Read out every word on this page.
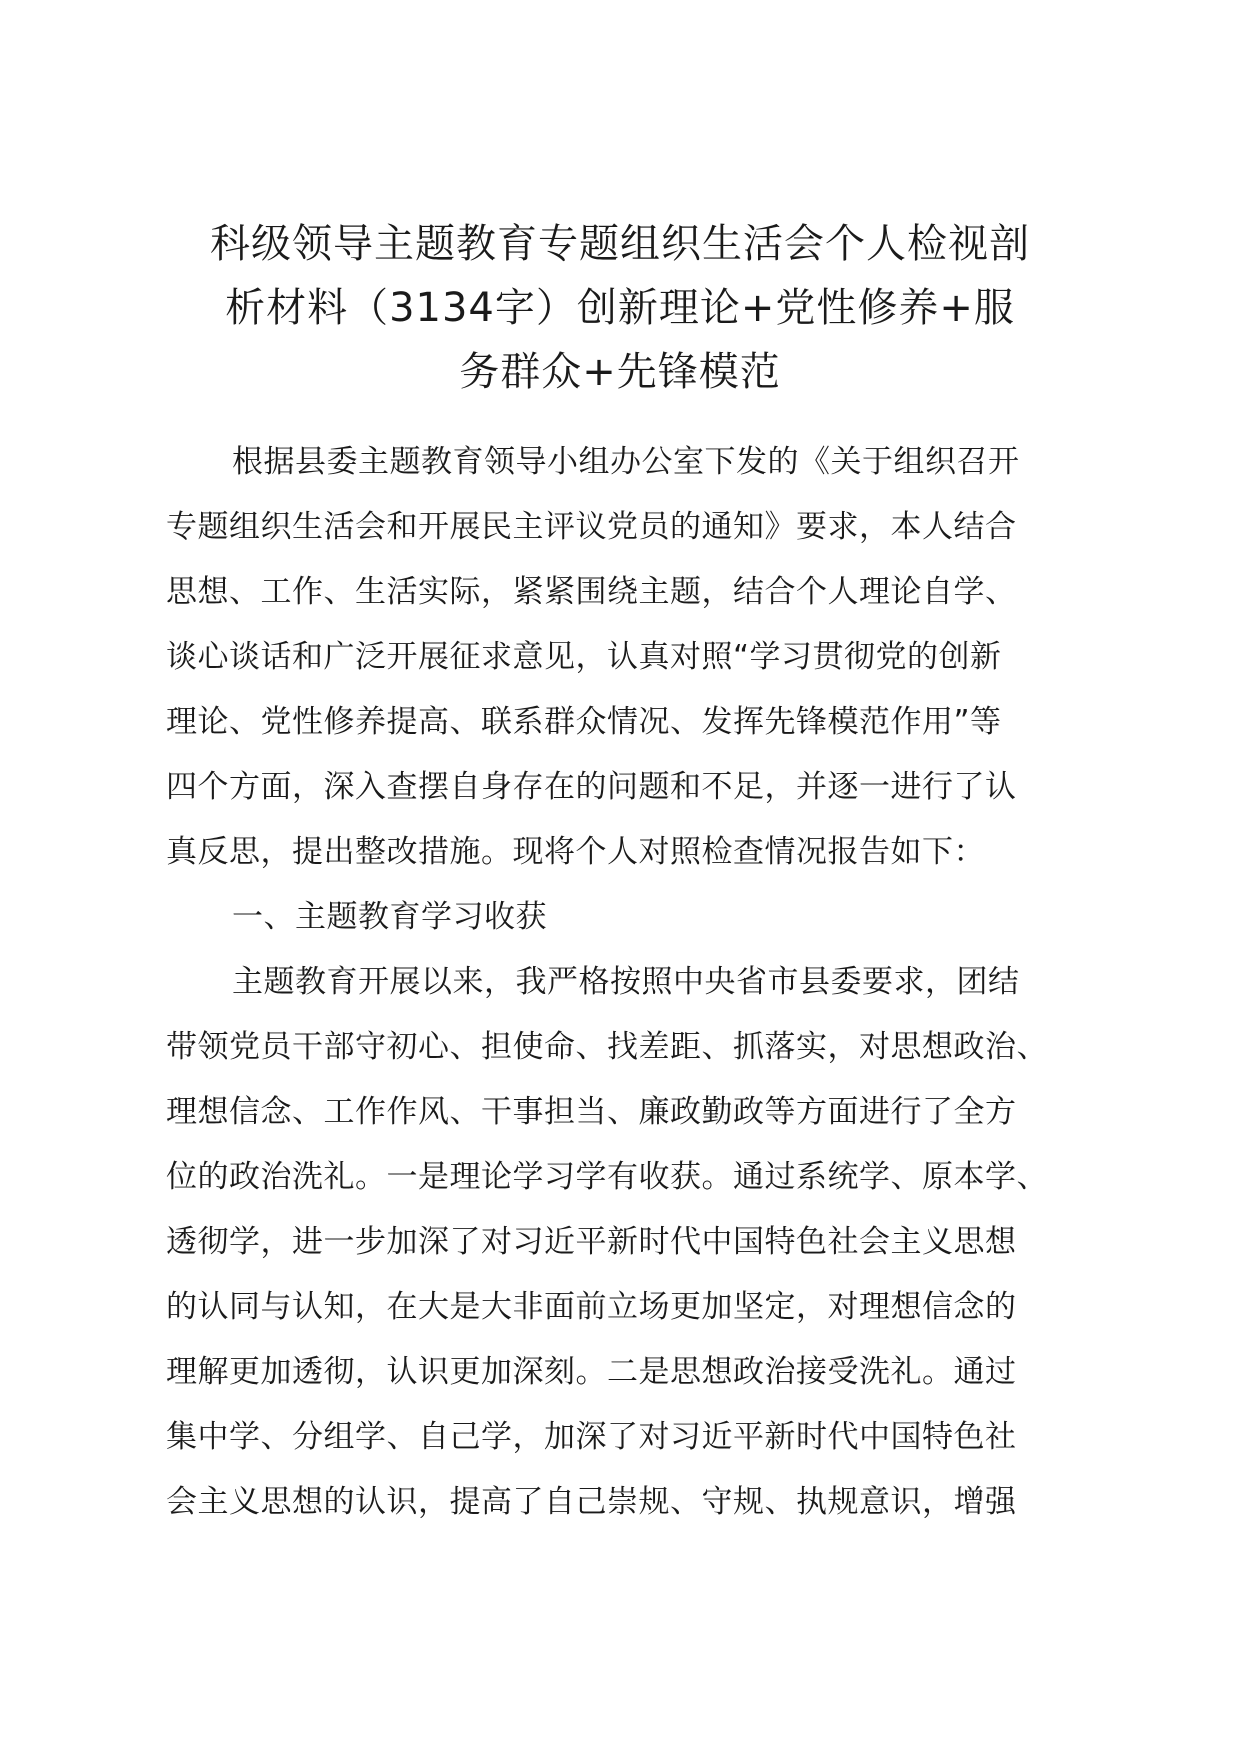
科级领导主题教育专题组织生活会个人检视剖
析材料（3134字）创新理论+党性修养+服
务群众+先锋模范
根据县委主题教育领导小组办公室下发的《关于组织召开
专题组织生活会和开展民主评议党员的通知》要求，本人结合
思想、工作、生活实际，紧紧围绕主题，结合个人理论自学、
谈心谈话和广泛开展征求意见，认真对照“学习贯彻党的创新
理论、党性修养提高、联系群众情况、发挥先锋模范作用”等
四个方面，深入查摆自身存在的问题和不足，并逐一进行了认
真反思，提出整改措施。现将个人对照检查情况报告如下：
一、主题教育学习收获
主题教育开展以来，我严格按照中央省市县委要求，团结
带领党员干部守初心、担使命、找差距、抓落实，对思想政治、
理想信念、工作作风、干事担当、廉政勤政等方面进行了全方
位的政治洗礼。一是理论学习学有收获。通过系统学、原本学、
透彻学，进一步加深了对习近平新时代中国特色社会主义思想
的认同与认知，在大是大非面前立场更加坚定，对理想信念的
理解更加透彻，认识更加深刻。二是思想政治接受洗礼。通过
集中学、分组学、自己学，加深了对习近平新时代中国特色社
会主义思想的认识，提高了自己崇规、守规、执规意识，增强
